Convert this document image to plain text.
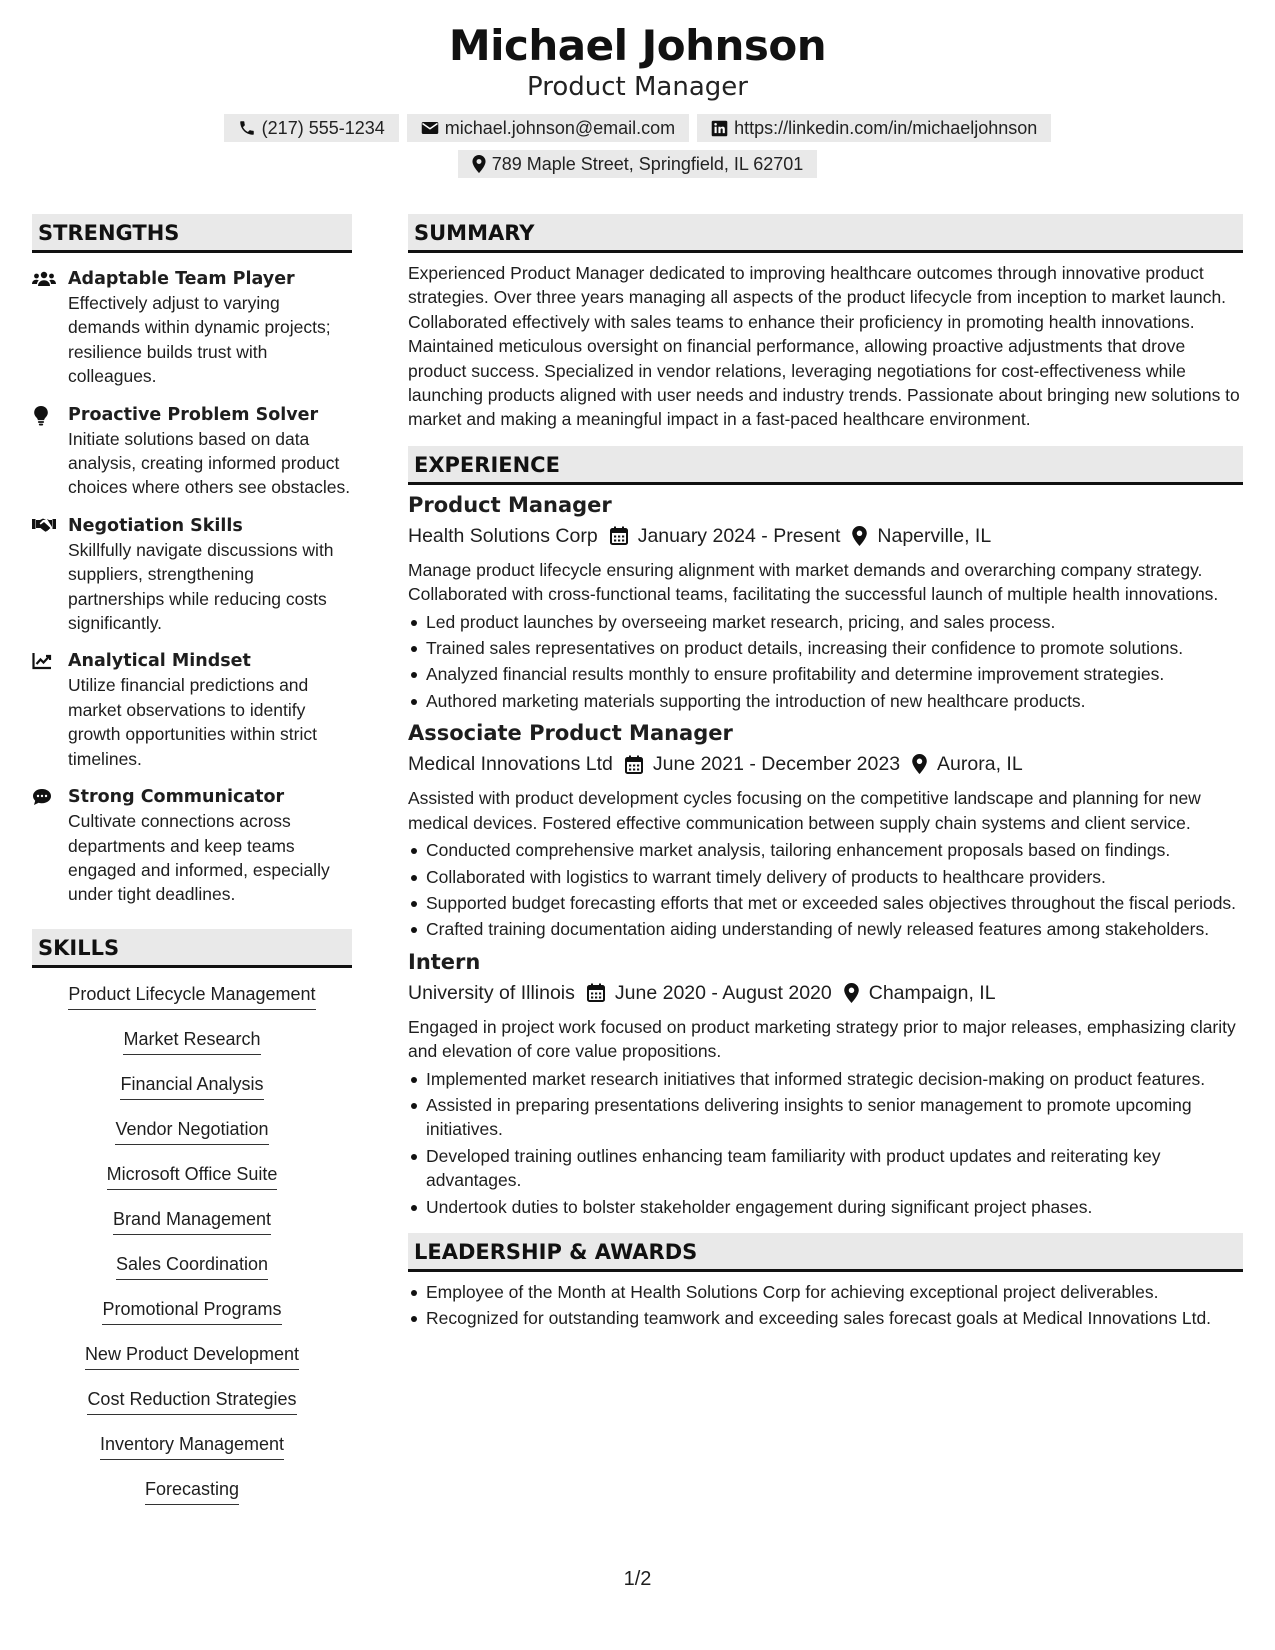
Michael Johnson
Product Manager
(217) 555-1234	michael.johnson@email.com	https://linkedin.com/in/michaeljohnson
789 Maple Street, Springfield, IL 62701
STRENGTHS
Adaptable Team Player
Effectively adjust to varying demands within dynamic projects; resilience builds trust with colleagues.
Proactive Problem Solver
Initiate solutions based on data analysis, creating informed product choices where others see obstacles.
Negotiation Skills
Skillfully navigate discussions with suppliers, strengthening partnerships while reducing costs significantly.
Analytical Mindset
Utilize financial predictions and market observations to identify growth opportunities within strict timelines.
Strong Communicator
Cultivate connections across departments and keep teams engaged and informed, especially under tight deadlines.
SKILLS
Product Lifecycle Management
Market Research
Financial Analysis
Vendor Negotiation
Microsoft Office Suite
Brand Management
Sales Coordination
Promotional Programs
New Product Development
Cost Reduction Strategies
Inventory Management
Forecasting
SUMMARY

Experienced Product Manager dedicated to improving healthcare outcomes through innovative product strategies. Over three years managing all aspects of the product lifecycle from inception to market launch. Collaborated effectively with sales teams to enhance their proficiency in promoting health innovations. Maintained meticulous oversight on financial performance, allowing proactive adjustments that drove product success. Specialized in vendor relations, leveraging negotiations for cost-effectiveness while launching products aligned with user needs and industry trends. Passionate about bringing new solutions to market and making a meaningful impact in a fast-paced healthcare environment.

EXPERIENCE
Product Manager
Health Solutions Corp January 2024 - Present Naperville, IL

Manage product lifecycle ensuring alignment with market demands and overarching company strategy. Collaborated with cross-functional teams, facilitating the successful launch of multiple health innovations.

Led product launches by overseeing market research, pricing, and sales process.
Trained sales representatives on product details, increasing their confidence to promote solutions.
Analyzed financial results monthly to ensure profitability and determine improvement strategies.
Authored marketing materials supporting the introduction of new healthcare products.
Associate Product Manager
Medical Innovations Ltd June 2021 - December 2023 Aurora, IL

Assisted with product development cycles focusing on the competitive landscape and planning for new medical devices. Fostered effective communication between supply chain systems and client service.

Conducted comprehensive market analysis, tailoring enhancement proposals based on findings.
Collaborated with logistics to warrant timely delivery of products to healthcare providers.
Supported budget forecasting efforts that met or exceeded sales objectives throughout the fiscal periods.
Crafted training documentation aiding understanding of newly released features among stakeholders.
Intern
University of Illinois June 2020 - August 2020 Champaign, IL

Engaged in project work focused on product marketing strategy prior to major releases, emphasizing clarity and elevation of core value propositions.

Implemented market research initiatives that informed strategic decision-making on product features.
Assisted in preparing presentations delivering insights to senior management to promote upcoming initiatives.
Developed training outlines enhancing team familiarity with product updates and reiterating key advantages.
Undertook duties to bolster stakeholder engagement during significant project phases.
LEADERSHIP & AWARDS
Employee of the Month at Health Solutions Corp for achieving exceptional project deliverables.
Recognized for outstanding teamwork and exceeding sales forecast goals at Medical Innovations Ltd.
1/2
